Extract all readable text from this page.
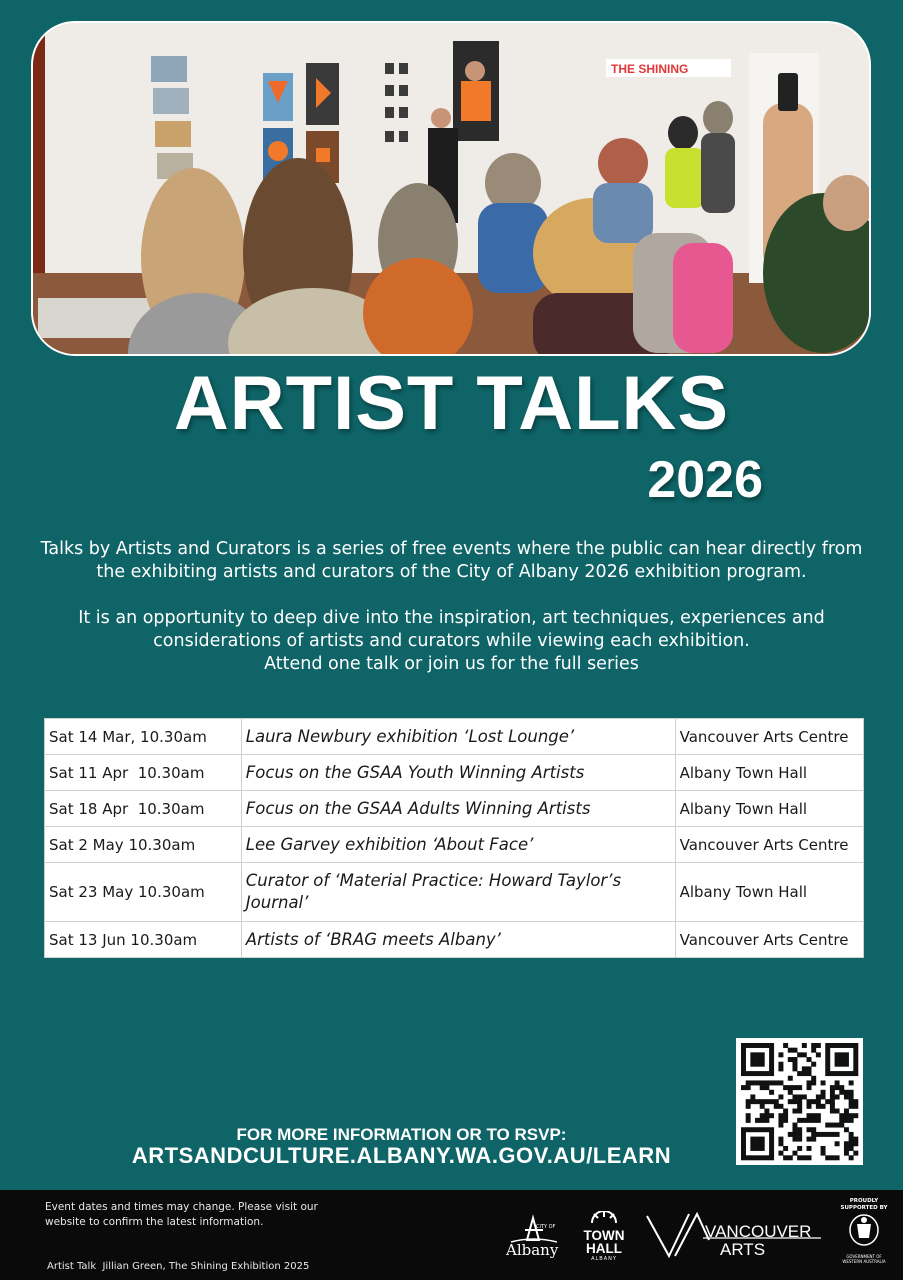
THE SHINING
ARTIST TALKS
2026

Talks by Artists and Curators is a series of free events where the public can hear directly from the exhibiting artists and curators of the City of Albany 2026 exhibition program.

It is an opportunity to deep dive into the inspiration, art techniques, experiences and considerations of artists and curators while viewing each exhibition.
Attend one talk or join us for the full series

Sat 14 Mar, 10.30am	Laura Newbury exhibition ‘Lost Lounge’	Vancouver Arts Centre
Sat 11 Apr  10.30am	Focus on the GSAA Youth Winning Artists	Albany Town Hall
Sat 18 Apr  10.30am	Focus on the GSAA Adults Winning Artists	Albany Town Hall
Sat 2 May 10.30am	Lee Garvey exhibition ‘About Face’	Vancouver Arts Centre
Sat 23 May 10.30am	Curator of ‘Material Practice: Howard Taylor’s Journal’	Albany Town Hall
Sat 13 Jun 10.30am	Artists of ‘BRAG meets Albany’	Vancouver Arts Centre
FOR MORE INFORMATION OR TO RSVP:
ARTSANDCULTURE.ALBANY.WA.GOV.AU/LEARN
Event dates and times may change. Please visit our website to confirm the latest information.
Artist Talk  Jillian Green, The Shining Exhibition 2025
CITY OF
Albany
TOWN HALL
ALBANY
VANCOUVER
ARTS
PROUDLY SUPPORTED BY
GOVERNMENT OF WESTERN AUSTRALIA
